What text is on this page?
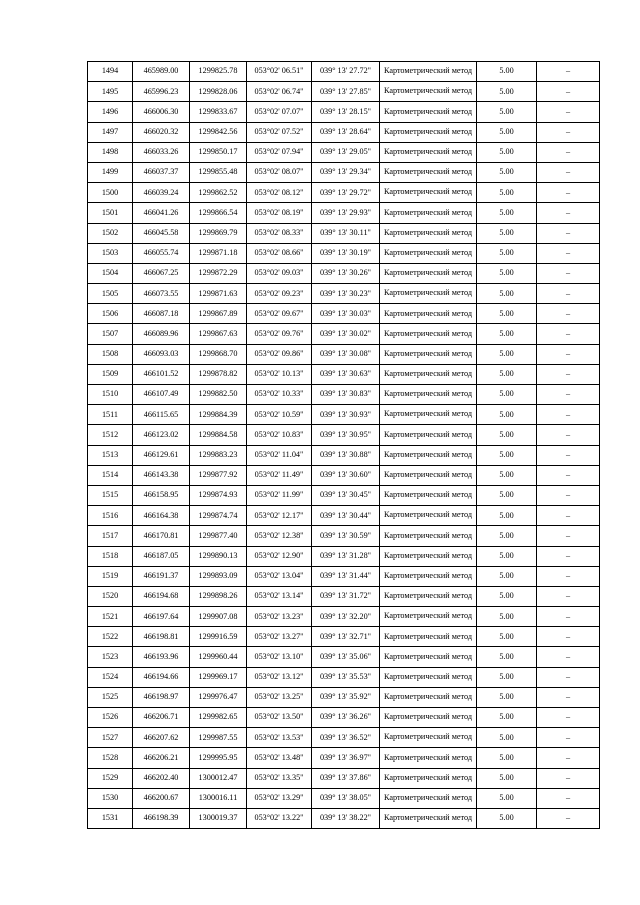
1494	465989.00	1299825.78	053°02' 06.51"	039° 13' 27.72"	Картометрический метод	5.00	–
1495	465996.23	1299828.06	053°02' 06.74"	039° 13' 27.85"	Картометрический метод	5.00	–
1496	466006.30	1299833.67	053°02' 07.07"	039° 13' 28.15"	Картометрический метод	5.00	–
1497	466020.32	1299842.56	053°02' 07.52"	039° 13' 28.64"	Картометрический метод	5.00	–
1498	466033.26	1299850.17	053°02' 07.94"	039° 13' 29.05"	Картометрический метод	5.00	–
1499	466037.37	1299855.48	053°02' 08.07"	039° 13' 29.34"	Картометрический метод	5.00	–
1500	466039.24	1299862.52	053°02' 08.12"	039° 13' 29.72"	Картометрический метод	5.00	–
1501	466041.26	1299866.54	053°02' 08.19"	039° 13' 29.93"	Картометрический метод	5.00	–
1502	466045.58	1299869.79	053°02' 08.33"	039° 13' 30.11"	Картометрический метод	5.00	–
1503	466055.74	1299871.18	053°02' 08.66"	039° 13' 30.19"	Картометрический метод	5.00	–
1504	466067.25	1299872.29	053°02' 09.03"	039° 13' 30.26"	Картометрический метод	5.00	–
1505	466073.55	1299871.63	053°02' 09.23"	039° 13' 30.23"	Картометрический метод	5.00	–
1506	466087.18	1299867.89	053°02' 09.67"	039° 13' 30.03"	Картометрический метод	5.00	–
1507	466089.96	1299867.63	053°02' 09.76"	039° 13' 30.02"	Картометрический метод	5.00	–
1508	466093.03	1299868.70	053°02' 09.86"	039° 13' 30.08"	Картометрический метод	5.00	–
1509	466101.52	1299878.82	053°02' 10.13"	039° 13' 30.63"	Картометрический метод	5.00	–
1510	466107.49	1299882.50	053°02' 10.33"	039° 13' 30.83"	Картометрический метод	5.00	–
1511	466115.65	1299884.39	053°02' 10.59"	039° 13' 30.93"	Картометрический метод	5.00	–
1512	466123.02	1299884.58	053°02' 10.83"	039° 13' 30.95"	Картометрический метод	5.00	–
1513	466129.61	1299883.23	053°02' 11.04"	039° 13' 30.88"	Картометрический метод	5.00	–
1514	466143.38	1299877.92	053°02' 11.49"	039° 13' 30.60"	Картометрический метод	5.00	–
1515	466158.95	1299874.93	053°02' 11.99"	039° 13' 30.45"	Картометрический метод	5.00	–
1516	466164.38	1299874.74	053°02' 12.17"	039° 13' 30.44"	Картометрический метод	5.00	–
1517	466170.81	1299877.40	053°02' 12.38"	039° 13' 30.59"	Картометрический метод	5.00	–
1518	466187.05	1299890.13	053°02' 12.90"	039° 13' 31.28"	Картометрический метод	5.00	–
1519	466191.37	1299893.09	053°02' 13.04"	039° 13' 31.44"	Картометрический метод	5.00	–
1520	466194.68	1299898.26	053°02' 13.14"	039° 13' 31.72"	Картометрический метод	5.00	–
1521	466197.64	1299907.08	053°02' 13.23"	039° 13' 32.20"	Картометрический метод	5.00	–
1522	466198.81	1299916.59	053°02' 13.27"	039° 13' 32.71"	Картометрический метод	5.00	–
1523	466193.96	1299960.44	053°02' 13.10"	039° 13' 35.06"	Картометрический метод	5.00	–
1524	466194.66	1299969.17	053°02' 13.12"	039° 13' 35.53"	Картометрический метод	5.00	–
1525	466198.97	1299976.47	053°02' 13.25"	039° 13' 35.92"	Картометрический метод	5.00	–
1526	466206.71	1299982.65	053°02' 13.50"	039° 13' 36.26"	Картометрический метод	5.00	–
1527	466207.62	1299987.55	053°02' 13.53"	039° 13' 36.52"	Картометрический метод	5.00	–
1528	466206.21	1299995.95	053°02' 13.48"	039° 13' 36.97"	Картометрический метод	5.00	–
1529	466202.40	1300012.47	053°02' 13.35"	039° 13' 37.86"	Картометрический метод	5.00	–
1530	466200.67	1300016.11	053°02' 13.29"	039° 13' 38.05"	Картометрический метод	5.00	–
1531	466198.39	1300019.37	053°02' 13.22"	039° 13' 38.22"	Картометрический метод	5.00	–
